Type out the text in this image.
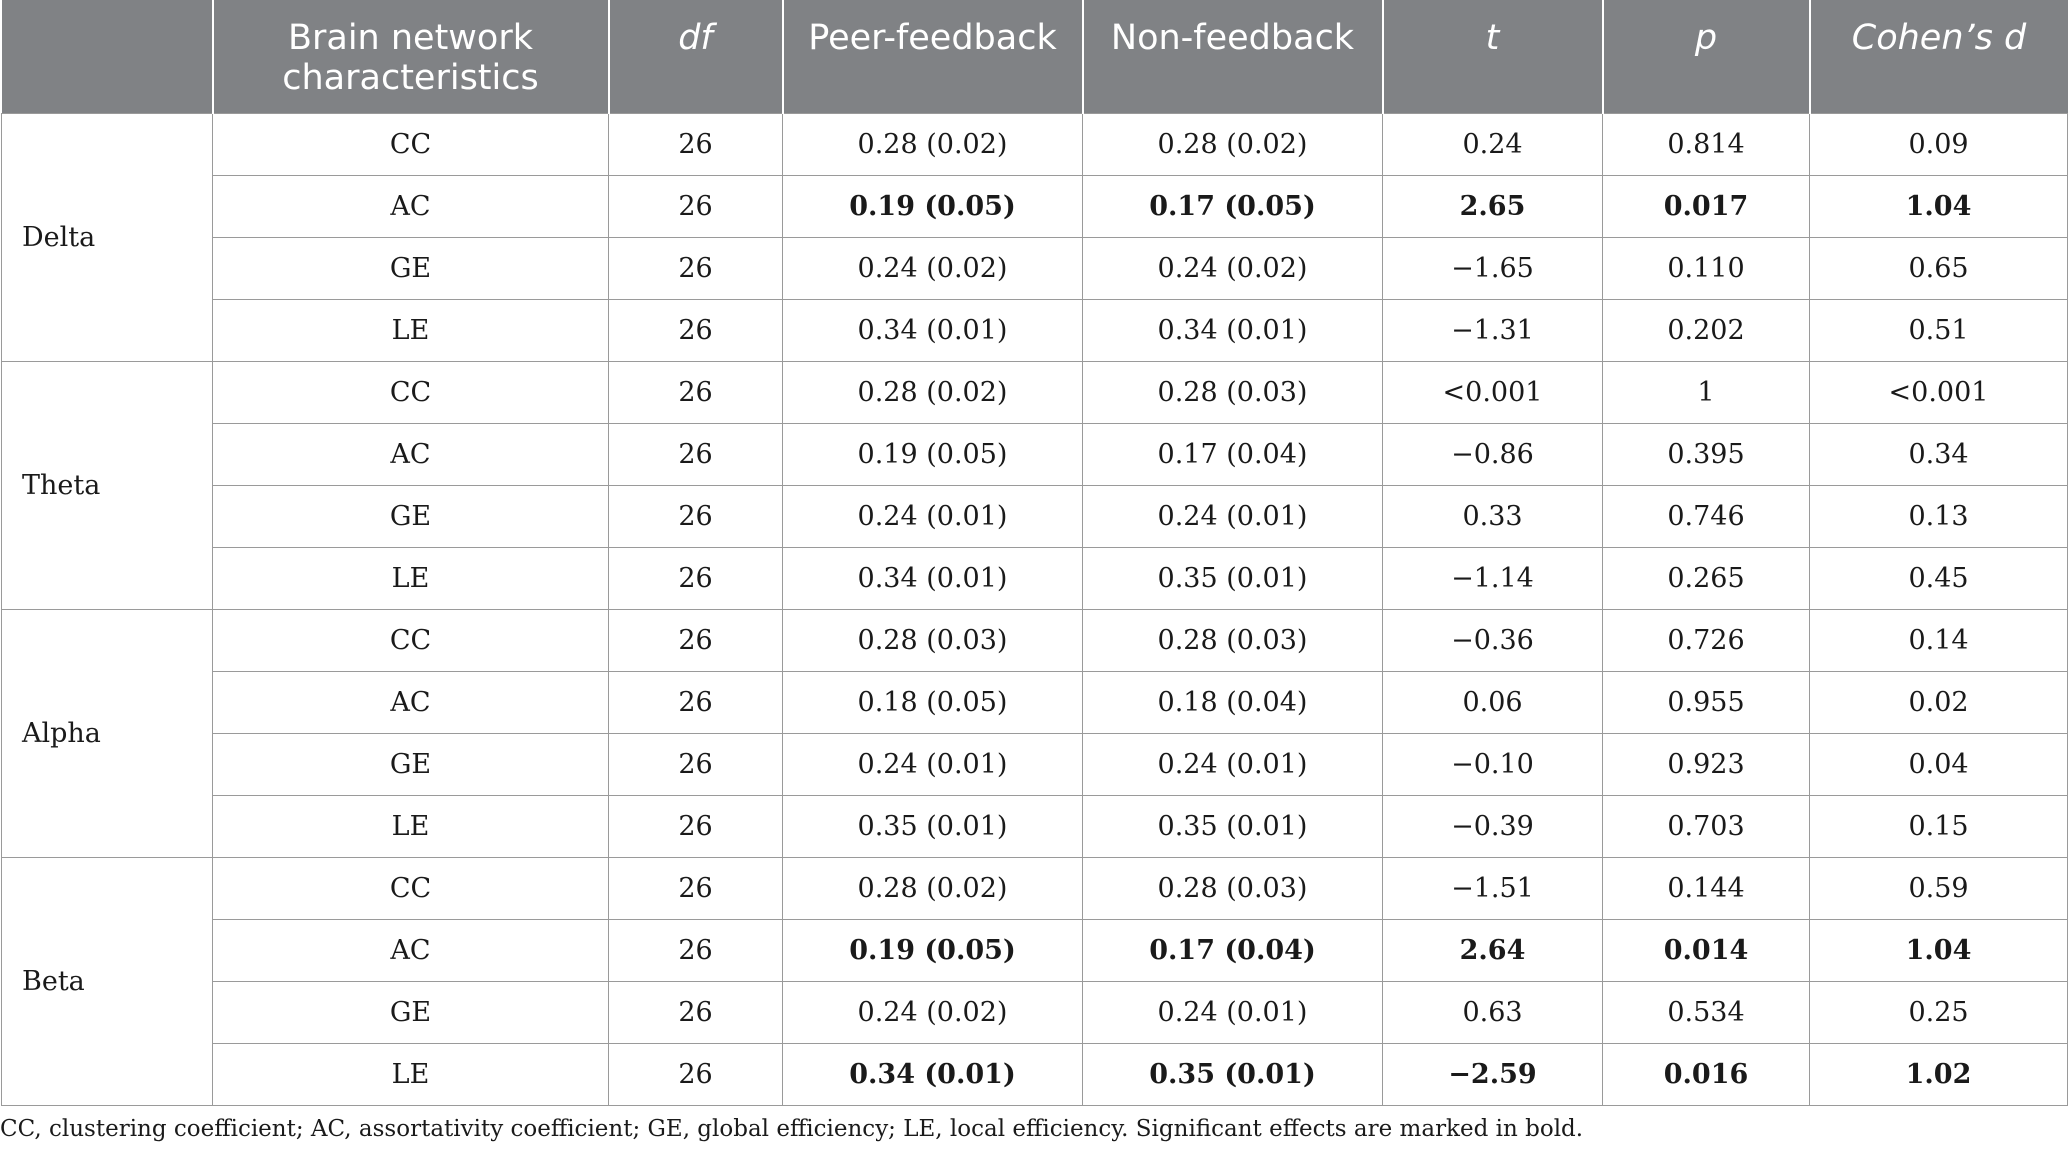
	Brain network characteristics	df	Peer-feedback	Non-feedback	t	p	Cohen’s d
Delta	CC	26	0.28 (0.02)	0.28 (0.02)	0.24	0.814	0.09
	AC	26	0.19 (0.05)	0.17 (0.05)	2.65	0.017	1.04
	GE	26	0.24 (0.02)	0.24 (0.02)	−1.65	0.110	0.65
	LE	26	0.34 (0.01)	0.34 (0.01)	−1.31	0.202	0.51
Theta	CC	26	0.28 (0.02)	0.28 (0.03)	<0.001	1	<0.001
	AC	26	0.19 (0.05)	0.17 (0.04)	−0.86	0.395	0.34
	GE	26	0.24 (0.01)	0.24 (0.01)	0.33	0.746	0.13
	LE	26	0.34 (0.01)	0.35 (0.01)	−1.14	0.265	0.45
Alpha	CC	26	0.28 (0.03)	0.28 (0.03)	−0.36	0.726	0.14
	AC	26	0.18 (0.05)	0.18 (0.04)	0.06	0.955	0.02
	GE	26	0.24 (0.01)	0.24 (0.01)	−0.10	0.923	0.04
	LE	26	0.35 (0.01)	0.35 (0.01)	−0.39	0.703	0.15
Beta	CC	26	0.28 (0.02)	0.28 (0.03)	−1.51	0.144	0.59
	AC	26	0.19 (0.05)	0.17 (0.04)	2.64	0.014	1.04
	GE	26	0.24 (0.02)	0.24 (0.01)	0.63	0.534	0.25
	LE	26	0.34 (0.01)	0.35 (0.01)	−2.59	0.016	1.02
CC, clustering coefficient; AC, assortativity coefficient; GE, global efficiency; LE, local efficiency. Significant effects are marked in bold.
